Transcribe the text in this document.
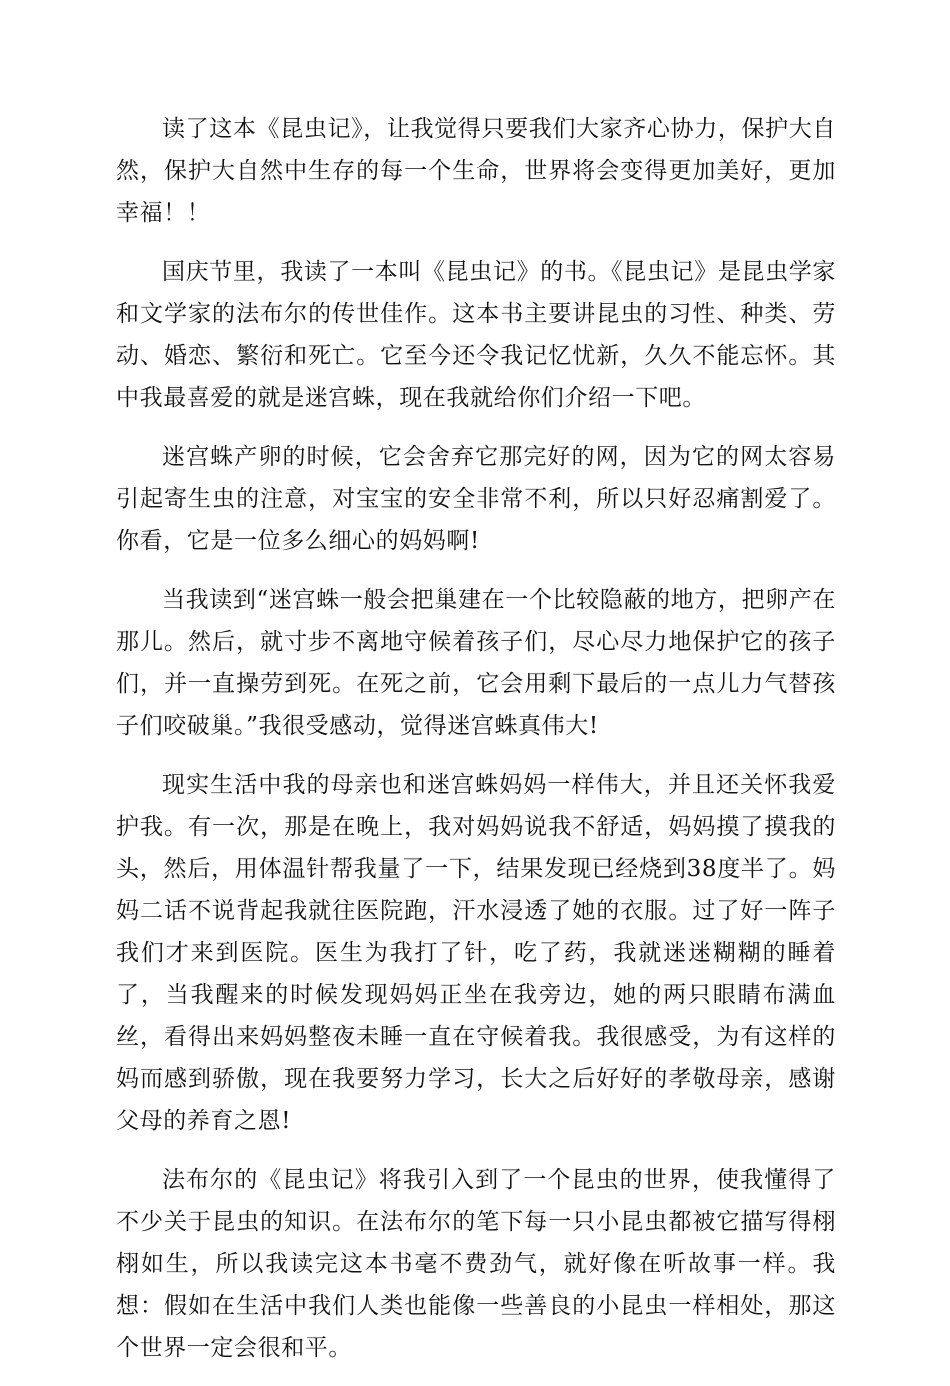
读了这本《昆虫记》，让我觉得只要我们大家齐心协力，保护大自然，保护大自然中生存的每一个生命，世界将会变得更加美好，更加幸福！！

国庆节里，我读了一本叫《昆虫记》的书。《昆虫记》是昆虫学家和文学家的法布尔的传世佳作。这本书主要讲昆虫的习性、种类、劳动、婚恋、繁衍和死亡。它至今还令我记忆忧新，久久不能忘怀。其中我最喜爱的就是迷宫蛛，现在我就给你们介绍一下吧。

迷宫蛛产卵的时候，它会舍弃它那完好的网，因为它的网太容易引起寄生虫的注意，对宝宝的安全非常不利，所以只好忍痛割爱了。你看，它是一位多么细心的妈妈啊!

当我读到“迷宫蛛一般会把巢建在一个比较隐蔽的地方，把卵产在那儿。然后，就寸步不离地守候着孩子们，尽心尽力地保护它的孩子们，并一直操劳到死。在死之前，它会用剩下最后的一点儿力气替孩子们咬破巢。”我很受感动，觉得迷宫蛛真伟大!

现实生活中我的母亲也和迷宫蛛妈妈一样伟大，并且还关怀我爱护我。有一次，那是在晚上，我对妈妈说我不舒适，妈妈摸了摸我的头，然后，用体温针帮我量了一下，结果发现已经烧到38度半了。妈妈二话不说背起我就往医院跑，汗水浸透了她的衣服。过了好一阵子我们才来到医院。医生为我打了针，吃了药，我就迷迷糊糊的睡着了，当我醒来的时候发现妈妈正坐在我旁边，她的两只眼睛布满血丝，看得出来妈妈整夜未睡一直在守候着我。我很感受，为有这样的妈而感到骄傲，现在我要努力学习，长大之后好好的孝敬母亲，感谢父母的养育之恩!

法布尔的《昆虫记》将我引入到了一个昆虫的世界，使我懂得了不少关于昆虫的知识。在法布尔的笔下每一只小昆虫都被它描写得栩栩如生，所以我读完这本书毫不费劲气，就好像在听故事一样。我想：假如在生活中我们人类也能像一些善良的小昆虫一样相处，那这个世界一定会很和平。
